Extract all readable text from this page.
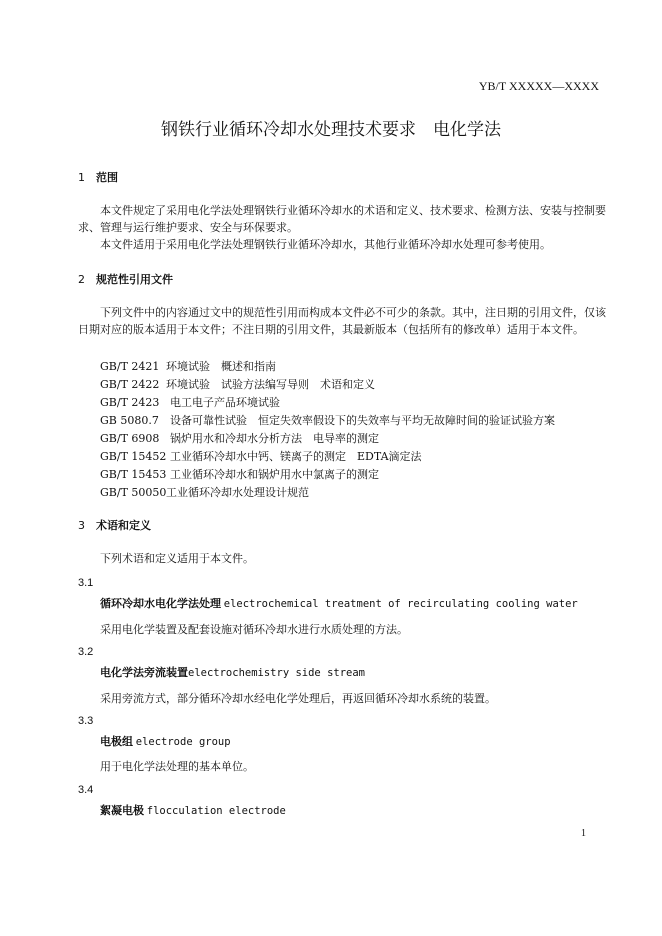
YB/T XXXXX—XXXX
钢铁行业循环冷却水处理技术要求　电化学法
1 范围
本文件规定了采用电化学法处理钢铁行业循环冷却水的术语和定义、技术要求、检测方法、安装与控制要求、管理与运行维护要求、安全与环保要求。
本文件适用于采用电化学法处理钢铁行业循环冷却水，其他行业循环冷却水处理可参考使用。
2 规范性引用文件
下列文件中的内容通过文中的规范性引用而构成本文件必不可少的条款。其中，注日期的引用文件，仅该日期对应的版本适用于本文件；不注日期的引用文件，其最新版本（包括所有的修改单）适用于本文件。
GB/T 2421 环境试验　概述和指南
GB/T 2422 环境试验　试验方法编写导则　术语和定义
GB/T 2423 电工电子产品环境试验
GB 5080.7 设备可靠性试验　恒定失效率假设下的失效率与平均无故障时间的验证试验方案
GB/T 6908 锅炉用水和冷却水分析方法　电导率的测定
GB/T 15452 工业循环冷却水中钙、镁离子的测定　EDTA滴定法
GB/T 15453 工业循环冷却水和锅炉用水中氯离子的测定
GB/T 50050工业循环冷却水处理设计规范
3 术语和定义
下列术语和定义适用于本文件。
3.1
循环冷却水电化学法处理 electrochemical treatment of recirculating cooling water
采用电化学装置及配套设施对循环冷却水进行水质处理的方法。
3.2
电化学法旁流装置electrochemistry side stream
采用旁流方式，部分循环冷却水经电化学处理后，再返回循环冷却水系统的装置。
3.3
电极组 electrode group
用于电化学法处理的基本单位。
3.4
絮凝电极 flocculation electrode
1
